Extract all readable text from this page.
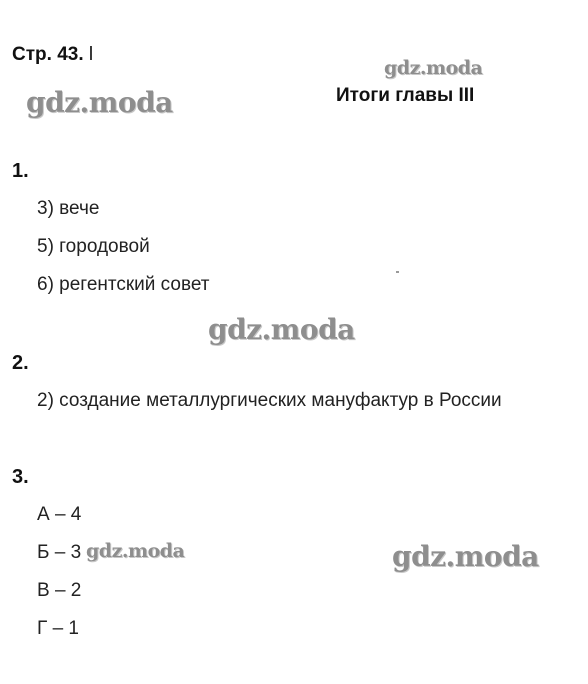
Стр. 43. l
Итоги главы III
gdz.moda
gdz.moda
gdz.moda
gdz.moda	gdz.moda
1.
3) вече
5) городовой
6) регентский совет
2.
2) создание металлургических мануфактур в России
3.
А – 4
Б – 3
В – 2
Г – 1
